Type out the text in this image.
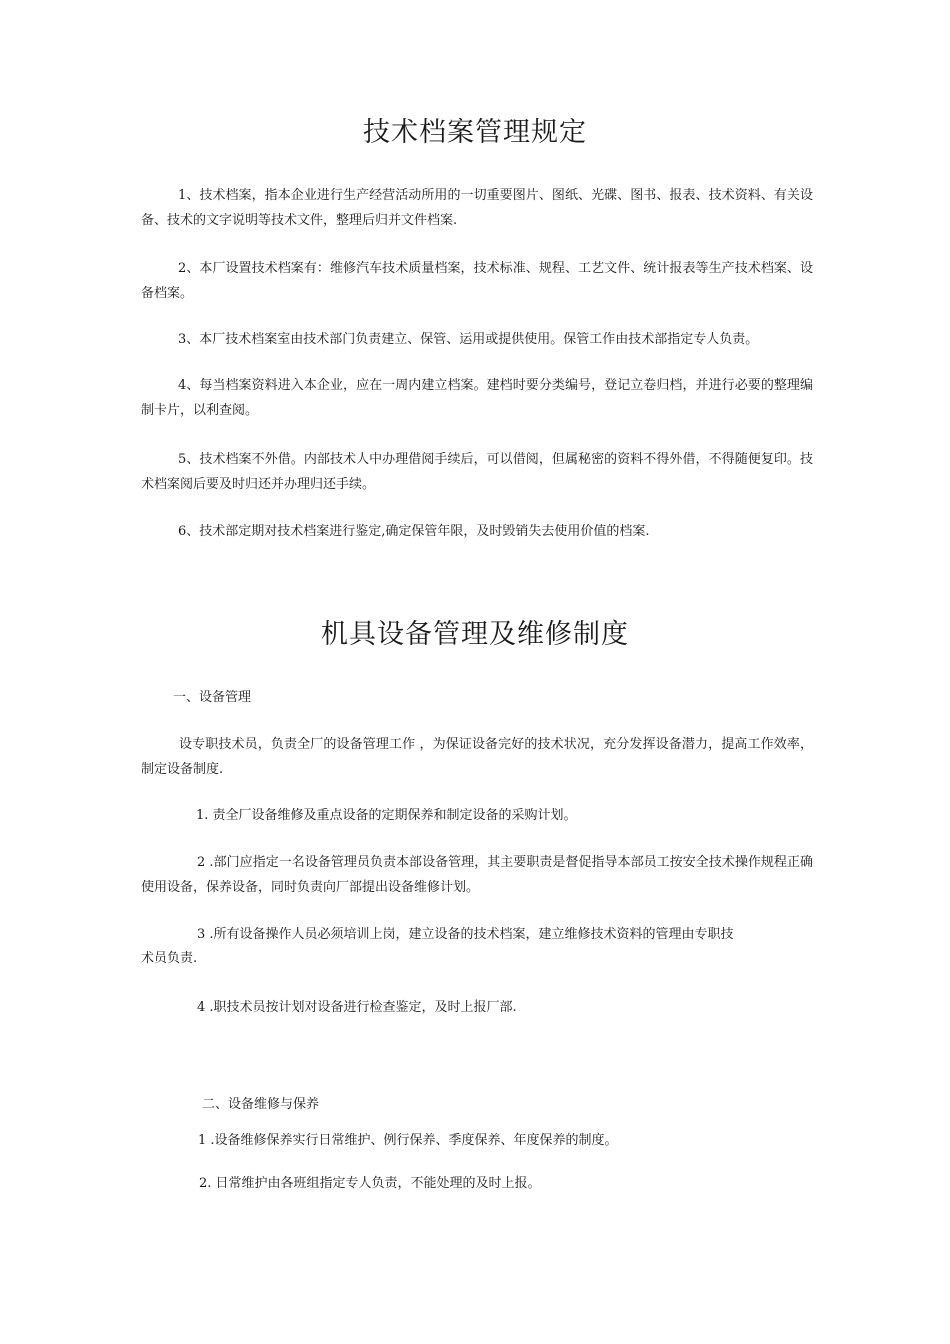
技术档案管理规定

1、技术档案，指本企业进行生产经营活动所用的一切重要图片、图纸、光碟、图书、报表、技术资料、有关设备、技术的文字说明等技术文件，整理后归并文件档案.

2、本厂设置技术档案有：维修汽车技术质量档案，技术标准、规程、工艺文件、统计报表等生产技术档案、设备档案。

3、本厂技术档案室由技术部门负责建立、保管、运用或提供使用。保管工作由技术部指定专人负责。

4、每当档案资料进入本企业，应在一周内建立档案。建档时要分类编号，登记立卷归档，并进行必要的整理编制卡片，以利查阅。

5、技术档案不外借。内部技术人中办理借阅手续后，可以借阅，但属秘密的资料不得外借，不得随便复印。技术档案阅后要及时归还并办理归还手续。

6、技术部定期对技术档案进行鉴定,确定保管年限，及时毁销失去使用价值的档案.

机具设备管理及维修制度

一、设备管理

设专职技术员，负责全厂的设备管理工作 ，为保证设备完好的技术状况，充分发挥设备潜力，提高工作效率，制定设备制度.

1. 责全厂设备维修及重点设备的定期保养和制定设备的采购计划。

2 .部门应指定一名设备管理员负责本部设备管理，其主要职责是督促指导本部员工按安全技术操作规程正确使用设备，保养设备，同时负责向厂部提出设备维修计划。

3 .所有设备操作人员必须培训上岗，建立设备的技术档案，建立维修技术资料的管理由专职技

术员负责.

4 .职技术员按计划对设备进行检查鉴定，及时上报厂部.

二、设备维修与保养

1 .设备维修保养实行日常维护、例行保养、季度保养、年度保养的制度。

2. 日常维护由各班组指定专人负责，不能处理的及时上报。
